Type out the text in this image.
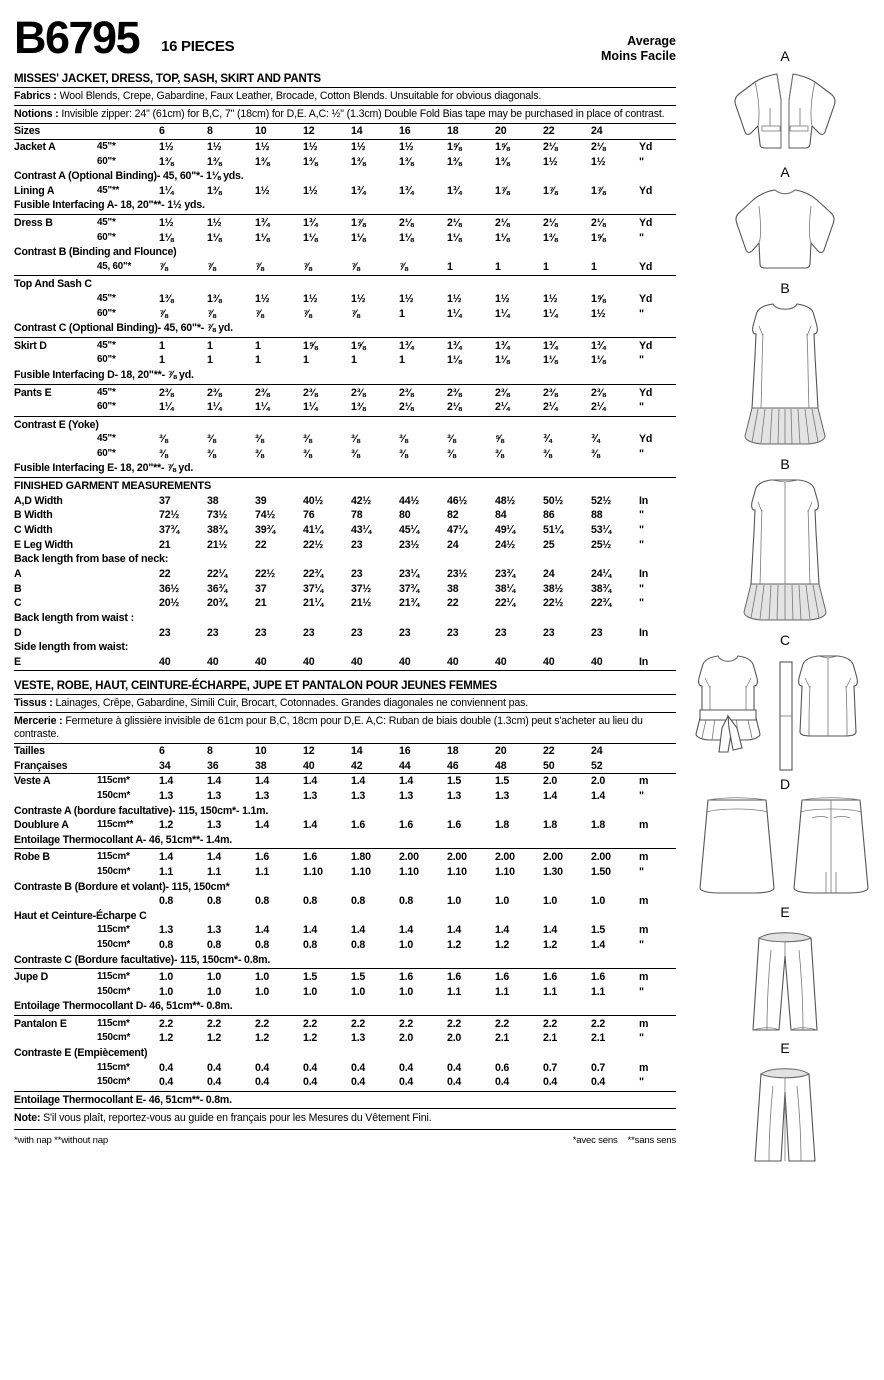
B6795 16 PIECES	Average
Moins Facile
MISSES' JACKET, DRESS, TOP, SASH, SKIRT AND PANTS
Fabrics : Wool Blends, Crepe, Gabardine, Faux Leather, Brocade, Cotton Blends. Unsuitable for obvious diagonals.
Notions : Invisible zipper: 24" (61cm) for B,C, 7" (18cm) for D,E. A,C: ½" (1.3cm) Double Fold Bias tape may be purchased in place of contrast.
Sizes		6	8	10	12	14	16	18	20	22	24	
Jacket A	45"*	1½	1½	1½	1½	1½	1½	1⅝	1⅝	2⅛	2⅛	Yd
	60"*	1⅜	1⅜	1⅜	1⅜	1⅜	1⅜	1⅜	1⅜	1½	1½	"
Contrast A (Optional Binding)- 45, 60"*- 1⅛ yds.
Lining A	45"**	1¼	1⅜	1½	1½	1¾	1¾	1¾	1⅞	1⅞	1⅞	Yd
Fusible Interfacing A- 18, 20"**- 1½ yds.
Dress B	45"*	1½	1½	1¾	1¾	1⅞	2⅛	2⅛	2⅛	2⅛	2⅛	Yd
	60"*	1⅛	1⅛	1⅛	1⅛	1⅛	1⅛	1⅛	1⅛	1⅜	1⅝	"
Contrast B (Binding and Flounce)
	45, 60"*	⅞	⅞	⅞	⅞	⅞	⅞	1	1	1	1	Yd
Top And Sash C
	45"*	1⅜	1⅜	1½	1½	1½	1½	1½	1½	1½	1⅝	Yd
	60"*	⅞	⅞	⅞	⅞	⅞	1	1¼	1¼	1¼	1½	"
Contrast C (Optional Binding)- 45, 60"*- ⅞ yd.
Skirt D	45"*	1	1	1	1⅝	1⅝	1¾	1¾	1¾	1¾	1¾	Yd
	60"*	1	1	1	1	1	1	1⅛	1⅛	1⅛	1⅛	"
Fusible Interfacing D- 18, 20"**- ⅞ yd.
Pants E	45"*	2⅜	2⅜	2⅜	2⅜	2⅜	2⅜	2⅜	2⅜	2⅜	2⅜	Yd
	60"*	1¼	1¼	1¼	1¼	1⅜	2⅛	2⅛	2¼	2¼	2¼	"
Contrast E (Yoke)
	45"*	⅜	⅜	⅜	⅜	⅜	⅜	⅜	⅝	¾	¾	Yd
	60"*	⅜	⅜	⅜	⅜	⅜	⅜	⅜	⅜	⅜	⅜	"
Fusible Interfacing E- 18, 20"**- ⅞ yd.
FINISHED GARMENT MEASUREMENTS
A,D Width		37	38	39	40½	42½	44½	46½	48½	50½	52½	In
B Width		72½	73½	74½	76	78	80	82	84	86	88	"
C Width		37¾	38¾	39¾	41¼	43¼	45¼	47¼	49¼	51¼	53¼	"
E Leg Width		21	21½	22	22½	23	23½	24	24½	25	25½	"
Back length from base of neck:
A		22	22¼	22½	22¾	23	23¼	23½	23¾	24	24¼	In
B		36½	36¾	37	37¼	37½	37¾	38	38¼	38½	38¾	"
C		20½	20¾	21	21¼	21½	21¾	22	22¼	22½	22¾	"
Back length from waist :
D		23	23	23	23	23	23	23	23	23	23	In
Side length from waist:
E		40	40	40	40	40	40	40	40	40	40	In
VESTE, ROBE, HAUT, CEINTURE-ÉCHARPE, JUPE ET PANTALON POUR JEUNES FEMMES
Tissus : Lainages, Crêpe, Gabardine, Simili Cuir, Brocart, Cotonnades. Grandes diagonales ne conviennent pas.
Mercerie : Fermeture à glissière invisible de 61cm pour B,C, 18cm pour D,E. A,C: Ruban de biais double (1.3cm) peut s'acheter au lieu du contraste.
Tailles		6	8	10	12	14	16	18	20	22	24	
Françaises		34	36	38	40	42	44	46	48	50	52	
Veste A	115cm*	1.4	1.4	1.4	1.4	1.4	1.4	1.5	1.5	2.0	2.0	m
	150cm*	1.3	1.3	1.3	1.3	1.3	1.3	1.3	1.3	1.4	1.4	"
Contraste A (bordure facultative)- 115, 150cm*- 1.1m.
Doublure A	115cm**	1.2	1.3	1.4	1.4	1.6	1.6	1.6	1.8	1.8	1.8	m
Entoilage Thermocollant A- 46, 51cm**- 1.4m.
Robe B	115cm*	1.4	1.4	1.6	1.6	1.80	2.00	2.00	2.00	2.00	2.00	m
	150cm*	1.1	1.1	1.1	1.10	1.10	1.10	1.10	1.10	1.30	1.50	"
Contraste B (Bordure et volant)- 115, 150cm*
		0.8	0.8	0.8	0.8	0.8	0.8	1.0	1.0	1.0	1.0	m
Haut et Ceinture-Écharpe C
	115cm*	1.3	1.3	1.4	1.4	1.4	1.4	1.4	1.4	1.4	1.5	m
	150cm*	0.8	0.8	0.8	0.8	0.8	1.0	1.2	1.2	1.2	1.4	"
Contraste C (Bordure facultative)- 115, 150cm*- 0.8m.
Jupe D	115cm*	1.0	1.0	1.0	1.5	1.5	1.6	1.6	1.6	1.6	1.6	m
	150cm*	1.0	1.0	1.0	1.0	1.0	1.0	1.1	1.1	1.1	1.1	"
Entoilage Thermocollant D- 46, 51cm**- 0.8m.
Pantalon E	115cm*	2.2	2.2	2.2	2.2	2.2	2.2	2.2	2.2	2.2	2.2	m
	150cm*	1.2	1.2	1.2	1.2	1.3	2.0	2.0	2.1	2.1	2.1	"
Contraste E (Empiècement)
	115cm*	0.4	0.4	0.4	0.4	0.4	0.4	0.4	0.6	0.7	0.7	m
	150cm*	0.4	0.4	0.4	0.4	0.4	0.4	0.4	0.4	0.4	0.4	"
Entoilage Thermocollant E- 46, 51cm**- 0.8m.
Note: S'il vous plaît, reportez-vous au guide en français pour les Mesures du Vêtement Fini.
*with nap **without nap	*avec sens **sans sens
A
A
B
B
C
D
E
E
